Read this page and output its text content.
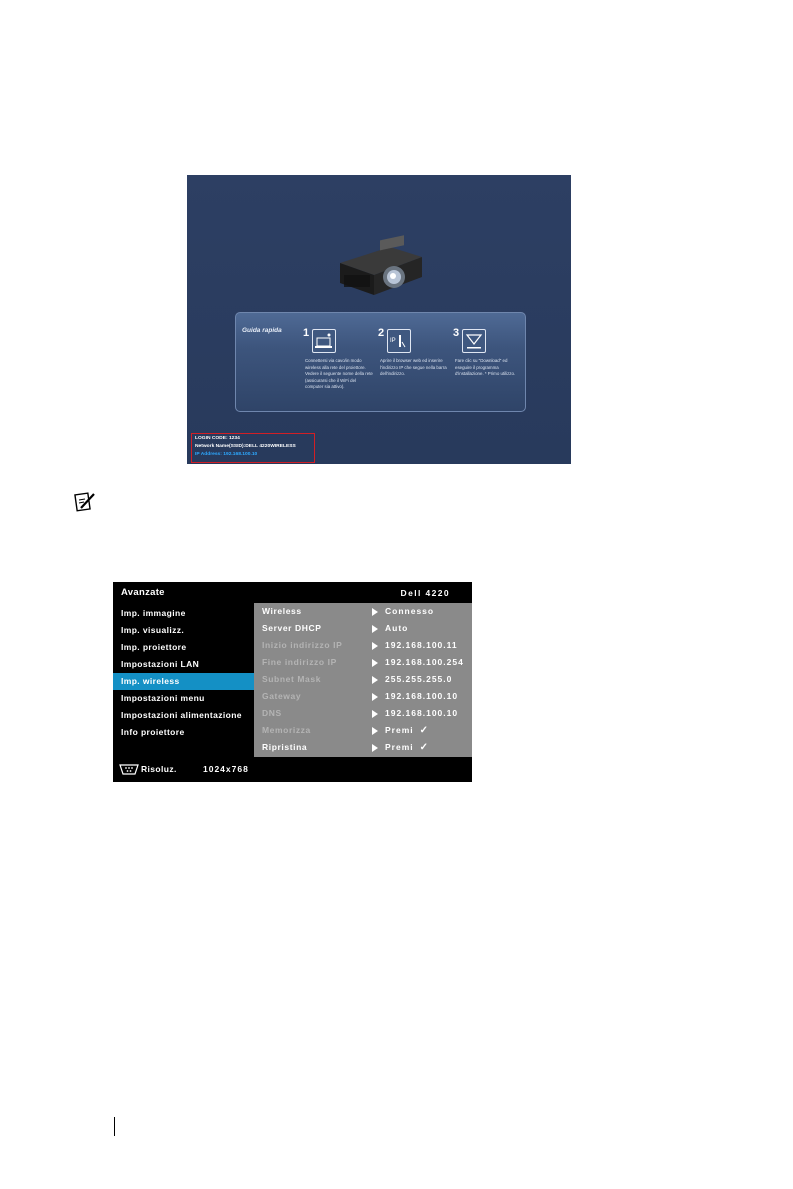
Guida rapida 1
Connettersi via cavo/in modo wireless alla rete del proiettore. Vedere il seguente nome della rete (assicurarsi che il WiFi del computer sia attivo).
2
IP
Aprire il browser web ed inserire l'indirizzo IP che segue nella barra dell'indirizzo.
3
Fare clic su "Download" ed eseguire il programma d'installazione. * Primo utilizzo.
LOGIN CODE: 1234
Network Name(SSID):DELL 4220WIRELESS
IP Address: 192.168.100.10
Avanzate	Dell 4220
Imp. immagine
Imp. visualizz.
Imp. proiettore
Impostazioni LAN
Imp. wireless
Impostazioni menu
Impostazioni alimentazione
Info proiettore
Wireless	Connesso
Server DHCP	Auto
Inizio indirizzo IP	192.168.100.11
Fine indirizzo IP	192.168.100.254
Subnet Mask	255.255.255.0
Gateway	192.168.100.10
DNS	192.168.100.10
Memorizza	Premi ✓
Ripristina	Premi ✓
Risoluz.	1024x768
